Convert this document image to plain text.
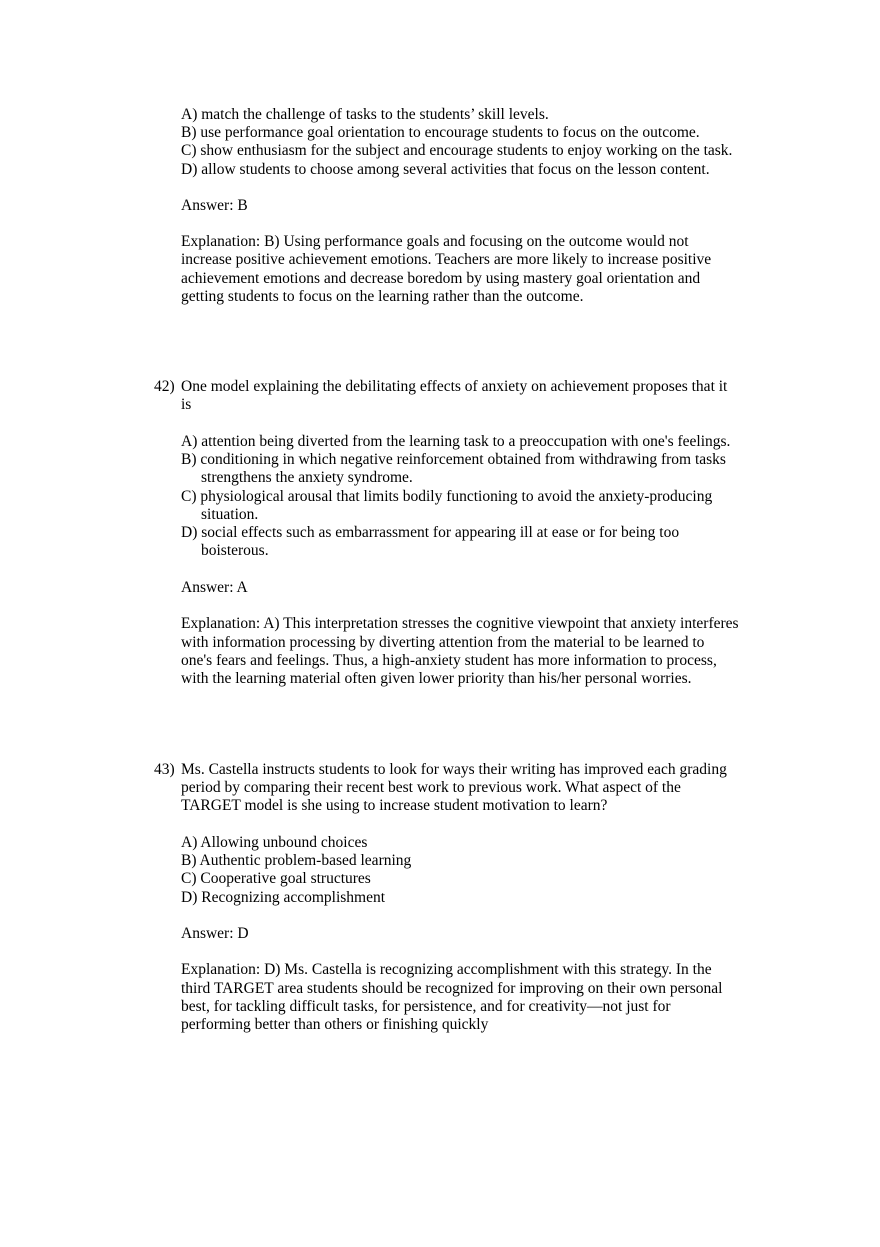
A) match the challenge of tasks to the students’ skill levels.
B) use performance goal orientation to encourage students to focus on the outcome.
C) show enthusiasm for the subject and encourage students to enjoy working on the task.
D) allow students to choose among several activities that focus on the lesson content.
Answer: B
Explanation: B) Using performance goals and focusing on the outcome would not
increase positive achievement emotions. Teachers are more likely to increase positive
achievement emotions and decrease boredom by using mastery goal orientation and
getting students to focus on the learning rather than the outcome.
42) One model explaining the debilitating effects of anxiety on achievement proposes that it
is
A) attention being diverted from the learning task to a preoccupation with one's feelings.
B) conditioning in which negative reinforcement obtained from withdrawing from tasks
strengthens the anxiety syndrome.
C) physiological arousal that limits bodily functioning to avoid the anxiety-producing
situation.
D) social effects such as embarrassment for appearing ill at ease or for being too
boisterous.
Answer: A
Explanation: A) This interpretation stresses the cognitive viewpoint that anxiety interferes
with information processing by diverting attention from the material to be learned to
one's fears and feelings. Thus, a high-anxiety student has more information to process,
with the learning material often given lower priority than his/her personal worries.
43) Ms. Castella instructs students to look for ways their writing has improved each grading
period by comparing their recent best work to previous work. What aspect of the
TARGET model is she using to increase student motivation to learn?
A) Allowing unbound choices
B) Authentic problem-based learning
C) Cooperative goal structures
D) Recognizing accomplishment
Answer: D
Explanation: D) Ms. Castella is recognizing accomplishment with this strategy. In the
third TARGET area students should be recognized for improving on their own personal
best, for tackling difficult tasks, for persistence, and for creativity—not just for
performing better than others or finishing quickly
